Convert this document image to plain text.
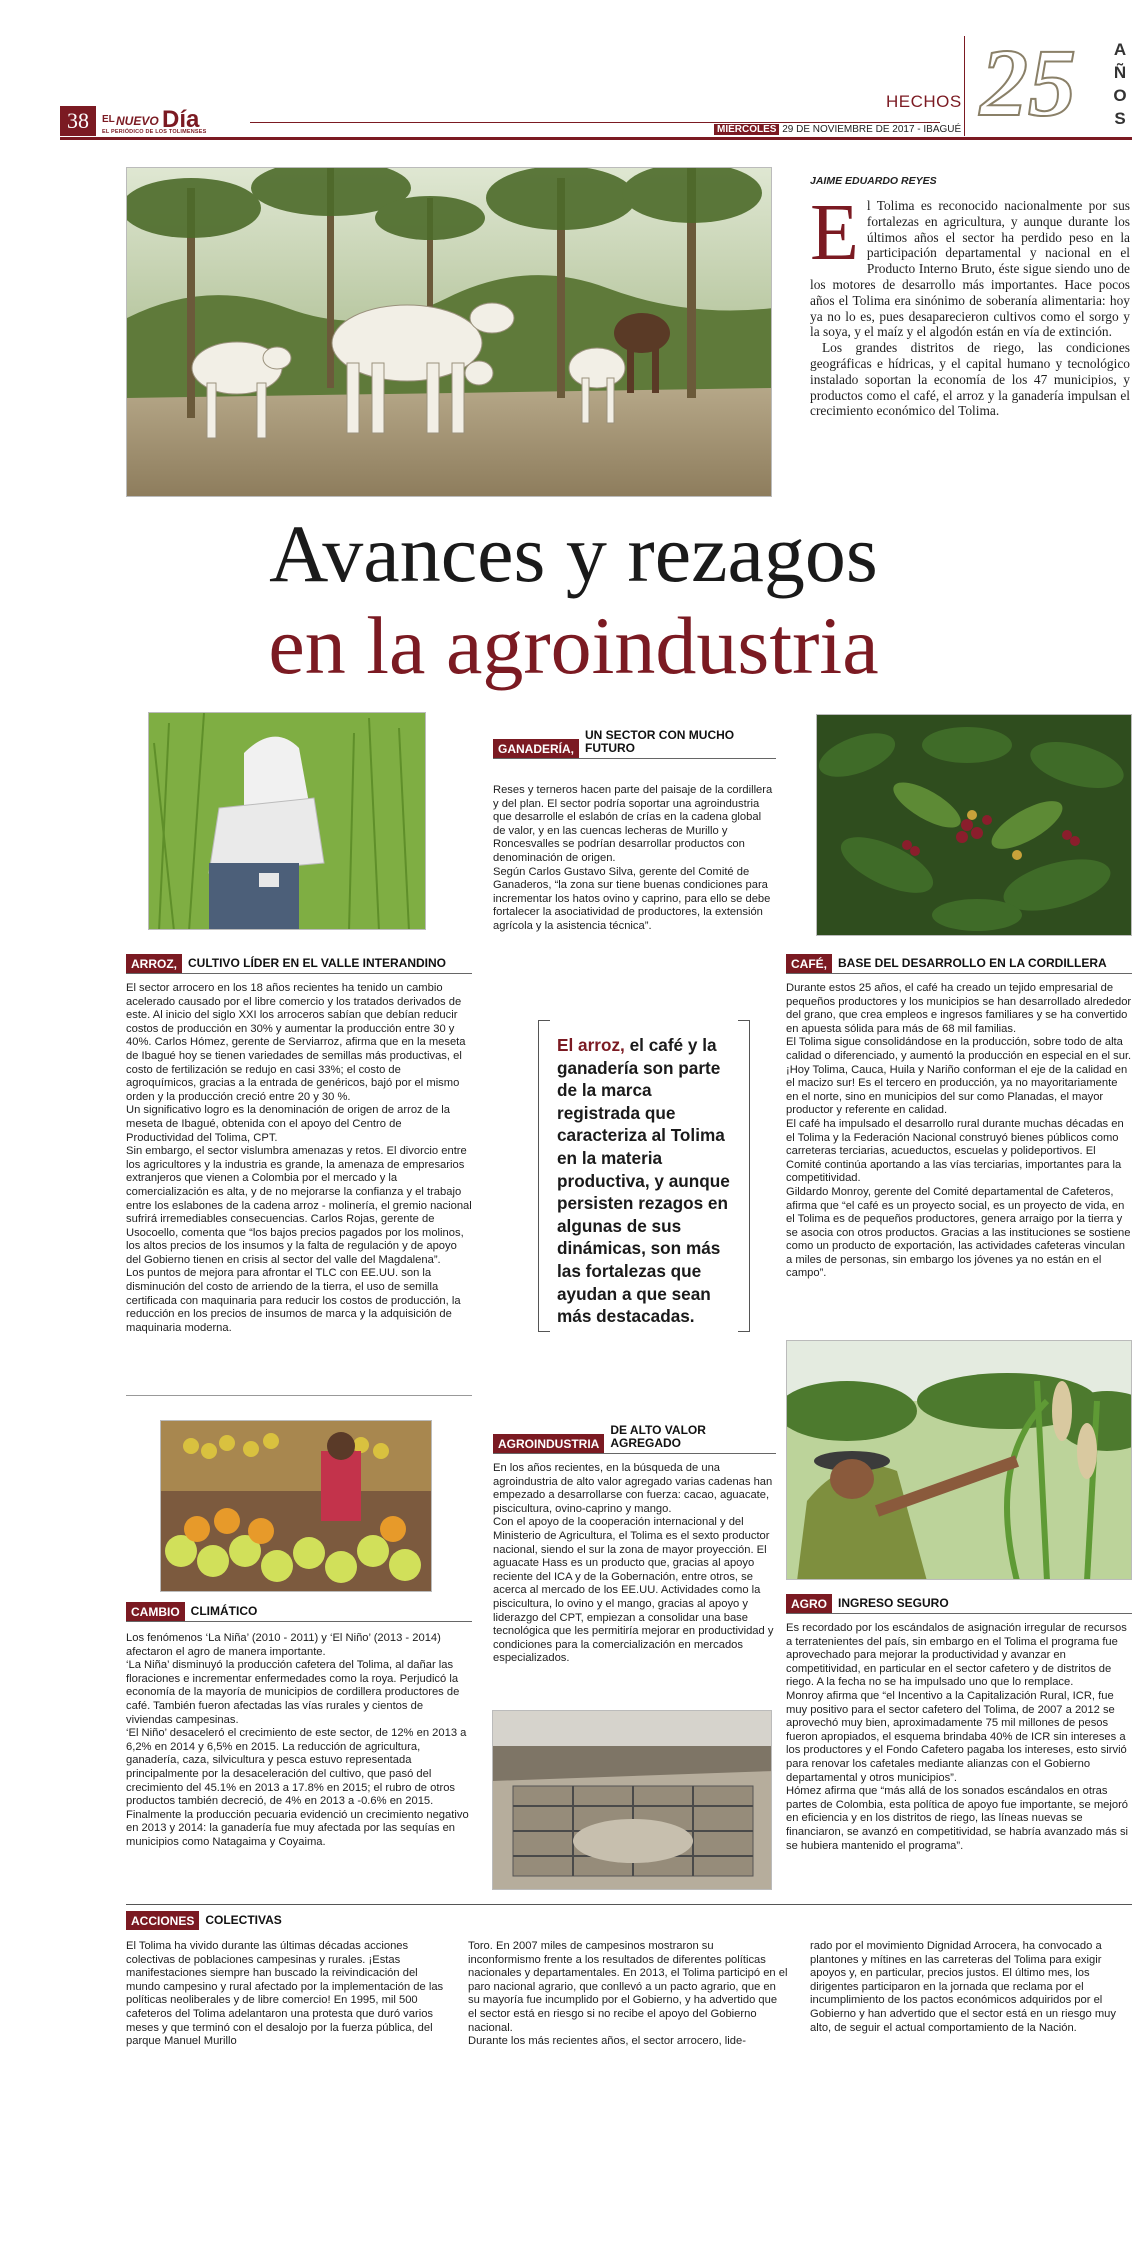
38	EL NUEVO Día
EL PERIÓDICO DE LOS TOLIMENSES
HECHOS
MIÉRCOLES 29 DE NOVIEMBRE DE 2017 - IBAGUÉ 25 AÑOS
JAIME EDUARDO REYES
E l Tolima es reconocido nacionalmente por sus fortalezas en agricultura, y aunque durante los últimos años el sector ha perdido peso en la participación departamental y nacional en el Producto Interno Bruto, éste sigue siendo uno de los motores de desarrollo más importantes. Hace pocos años el Tolima era sinónimo de soberanía alimentaria: hoy ya no lo es, pues desaparecieron cultivos como el sorgo y la soya, y el maíz y el algodón están en vía de extinción.
Los grandes distritos de riego, las condiciones geográficas e hídricas, y el capital humano y tecnológico instalado soportan la economía de los 47 municipios, y productos como el café, el arroz y la ganadería impulsan el crecimiento económico del Tolima.
Avances y rezagos
en la agroindustria
GANADERÍA,
UN SECTOR CON MUCHO FUTURO

Reses y terneros hacen parte del paisaje de la cordillera y del plan. El sector podría soportar una agroindustria que desarrolle el eslabón de crías en la cadena global de valor, y en las cuencas lecheras de Murillo y Roncesvalles se podrían desarrollar productos con denominación de origen.

Según Carlos Gustavo Silva, gerente del Comité de Ganaderos, “la zona sur tiene buenas condiciones para incrementar los hatos ovino y caprino, para ello se debe fortalecer la asociatividad de productores, la extensión agrícola y la asistencia técnica”.

ARROZ, CULTIVO LÍDER EN EL VALLE INTERANDINO

El sector arrocero en los 18 años recientes ha tenido un cambio acelerado causado por el libre comercio y los tratados derivados de este. Al inicio del siglo XXI los arroceros sabían que debían reducir costos de producción en 30% y aumentar la producción entre 30 y 40%. Carlos Hómez, gerente de Serviarroz, afirma que en la meseta de Ibagué hoy se tienen variedades de semillas más productivas, el costo de fertilización se redujo en casi 33%; el costo de agroquímicos, gracias a la entrada de genéricos, bajó por el mismo orden y la producción creció entre 20 y 30 %.

Un significativo logro es la denominación de origen de arroz de la meseta de Ibagué, obtenida con el apoyo del Centro de Productividad del Tolima, CPT.

Sin embargo, el sector vislumbra amenazas y retos. El divorcio entre los agricultores y la industria es grande, la amenaza de empresarios extranjeros que vienen a Colombia por el mercado y la comercialización es alta, y de no mejorarse la confianza y el trabajo entre los eslabones de la cadena arroz - molinería, el gremio nacional sufrirá irremediables consecuencias. Carlos Rojas, gerente de Usocoello, comenta que “los bajos precios pagados por los molinos, los altos precios de los insumos y la falta de regulación y de apoyo del Gobierno tienen en crisis al sector del valle del Magdalena”.

Los puntos de mejora para afrontar el TLC con EE.UU. son la disminución del costo de arriendo de la tierra, el uso de semilla certificada con maquinaria para reducir los costos de producción, la reducción en los precios de insumos de marca y la adquisición de maquinaria moderna.

El arroz, el café y la ganadería son parte de la marca registrada que caracteriza al Tolima en la materia productiva, y aunque persisten rezagos en algunas de sus dinámicas, son más las fortalezas que ayudan a que sean más destacadas.
CAFÉ, BASE DEL DESARROLLO EN LA CORDILLERA

Durante estos 25 años, el café ha creado un tejido empresarial de pequeños productores y los municipios se han desarrollado alrededor del grano, que crea empleos e ingresos familiares y se ha convertido en apuesta sólida para más de 68 mil familias.

El Tolima sigue consolidándose en la producción, sobre todo de alta calidad o diferenciado, y aumentó la producción en especial en el sur. ¡Hoy Tolima, Cauca, Huila y Nariño conforman el eje de la calidad en el macizo sur! Es el tercero en producción, ya no mayoritariamente en el norte, sino en municipios del sur como Planadas, el mayor productor y referente en calidad.

El café ha impulsado el desarrollo rural durante muchas décadas en el Tolima y la Federación Nacional construyó bienes públicos como carreteras terciarias, acueductos, escuelas y polideportivos. El Comité continúa aportando a las vías terciarias, importantes para la competitividad.

Gildardo Monroy, gerente del Comité departamental de Cafeteros, afirma que “el café es un proyecto social, es un proyecto de vida, en el Tolima es de pequeños productores, genera arraigo por la tierra y se asocia con otros productos. Gracias a las instituciones se sostiene como un producto de exportación, las actividades cafeteras vinculan a miles de personas, sin embargo los jóvenes ya no están en el campo”.

AGROINDUSTRIA
DE ALTO VALOR AGREGADO

En los años recientes, en la búsqueda de una agroindustria de alto valor agregado varias cadenas han empezado a desarrollarse con fuerza: cacao, aguacate, piscicultura, ovino-caprino y mango.

Con el apoyo de la cooperación internacional y del Ministerio de Agricultura, el Tolima es el sexto productor nacional, siendo el sur la zona de mayor proyección. El aguacate Hass es un producto que, gracias al apoyo reciente del ICA y de la Gobernación, entre otros, se acerca al mercado de los EE.UU. Actividades como la piscicultura, lo ovino y el mango, gracias al apoyo y liderazgo del CPT, empiezan a consolidar una base tecnológica que les permitiría mejorar en productividad y condiciones para la comercialización en mercados especializados.

CAMBIO CLIMÁTICO

Los fenómenos ‘La Niña’ (2010 - 2011) y ‘El Niño’ (2013 - 2014) afectaron el agro de manera importante.

‘La Niña’ disminuyó la producción cafetera del Tolima, al dañar las floraciones e incrementar enfermedades como la roya. Perjudicó la economía de la mayoría de municipios de cordillera productores de café. También fueron afectadas las vías rurales y cientos de viviendas campesinas.

‘El Niño’ desaceleró el crecimiento de este sector, de 12% en 2013 a 6,2% en 2014 y 6,5% en 2015. La reducción de agricultura, ganadería, caza, silvicultura y pesca estuvo representada principalmente por la desaceleración del cultivo, que pasó del crecimiento del 45.1% en 2013 a 17.8% en 2015; el rubro de otros productos también decreció, de 4% en 2013 a -0.6% en 2015. Finalmente la producción pecuaria evidenció un crecimiento negativo en 2013 y 2014: la ganadería fue muy afectada por las sequías en municipios como Natagaima y Coyaima.

AGRO INGRESO SEGURO

Es recordado por los escándalos de asignación irregular de recursos a terratenientes del país, sin embargo en el Tolima el programa fue aprovechado para mejorar la productividad y avanzar en competitividad, en particular en el sector cafetero y de distritos de riego. A la fecha no se ha impulsado uno que lo remplace.

Monroy afirma que “el Incentivo a la Capitalización Rural, ICR, fue muy positivo para el sector cafetero del Tolima, de 2007 a 2012 se aprovechó muy bien, aproximadamente 75 mil millones de pesos fueron apropiados, el esquema brindaba 40% de ICR sin intereses a los productores y el Fondo Cafetero pagaba los intereses, esto sirvió para renovar los cafetales mediante alianzas con el Gobierno departamental y otros municipios”.

Hómez afirma que “más allá de los sonados escándalos en otras partes de Colombia, esta política de apoyo fue importante, se mejoró en eficiencia y en los distritos de riego, las líneas nuevas se financiaron, se avanzó en competitividad, se habría avanzado más si se hubiera mantenido el programa”.

ACCIONES COLECTIVAS

El Tolima ha vivido durante las últimas décadas acciones colectivas de poblaciones campesinas y rurales. ¡Estas manifestaciones siempre han buscado la reivindicación del mundo campesino y rural afectado por la implementación de las políticas neoliberales y de libre comercio! En 1995, mil 500 cafeteros del Tolima adelantaron una protesta que duró varios meses y que terminó con el desalojo por la fuerza pública, del parque Manuel Murillo

Toro. En 2007 miles de campesinos mostraron su inconformismo frente a los resultados de diferentes políticas nacionales y departamentales. En 2013, el Tolima participó en el paro nacional agrario, que conllevó a un pacto agrario, que en su mayoría fue incumplido por el Gobierno, y ha advertido que el sector está en riesgo si no recibe el apoyo del Gobierno nacional.

Durante los más recientes años, el sector arrocero, lide-

rado por el movimiento Dignidad Arrocera, ha convocado a plantones y mítines en las carreteras del Tolima para exigir apoyos y, en particular, precios justos. El último mes, los dirigentes participaron en la jornada que reclama por el incumplimiento de los pactos económicos adquiridos por el Gobierno y han advertido que el sector está en un riesgo muy alto, de seguir el actual comportamiento de la Nación.
